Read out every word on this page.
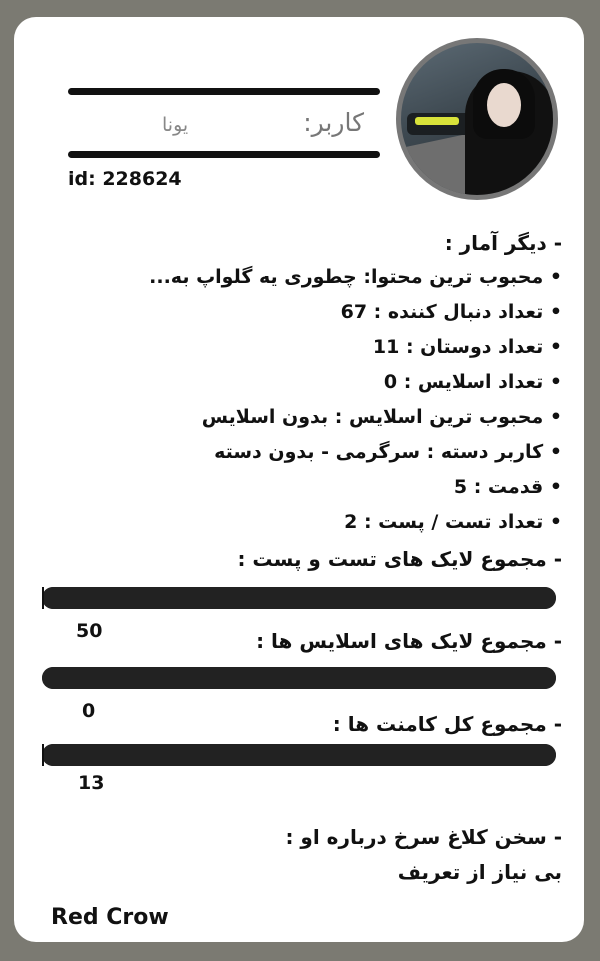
کاربر:
یونا
id: 228624
- دیگر آمار :
• محبوب ترین محتوا: چطوری یه گلواپ به...
• تعداد دنبال کننده : 67
• تعداد دوستان : 11
• تعداد اسلایس : 0
• محبوب ترین اسلایس : بدون اسلایس
• کاربر دسته : سرگرمی - بدون دسته
• قدمت : 5
• تعداد تست / پست : 2
- مجموع لایک های تست و پست :
50	- مجموع لایک های اسلایس ها :
0
- مجموع کل کامنت ها :
13
- سخن کلاغ سرخ درباره او :
بی نیاز از تعریف
Red Crow
